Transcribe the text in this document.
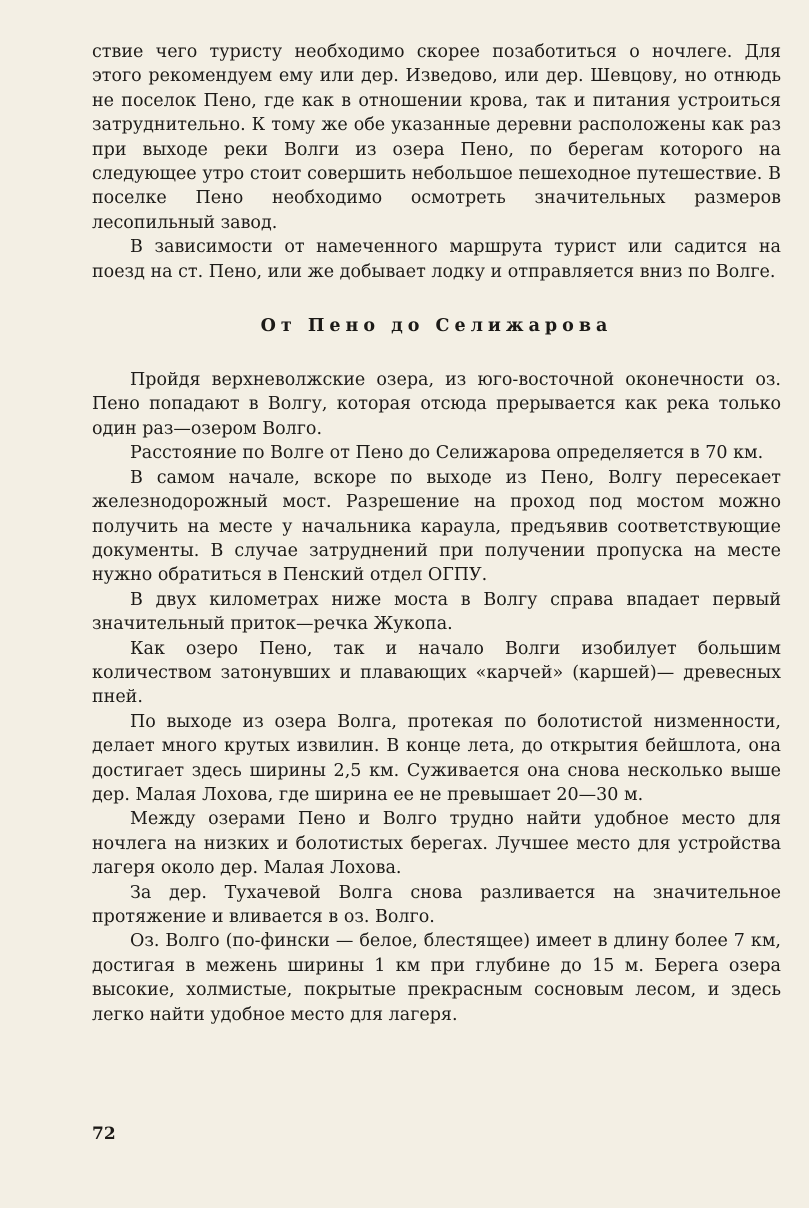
ствие чего туристу необходимо скорее позаботиться о ночлеге. Для этого рекомендуем ему или дер. Изведово, или дер. Шевцову, но отнюдь не поселок Пено, где как в отношении крова, так и питания устроиться затруднительно. К тому же обе указанные деревни расположены как раз при выходе реки Волги из озера Пено, по берегам которого на следующее утро стоит совершить небольшое пешеходное путешествие. В поселке Пено необходимо осмотреть значительных размеров лесопильный завод.

В зависимости от намеченного маршрута турист или садится на поезд на ст. Пено, или же добывает лодку и отправляется вниз по Волге.

От Пено до Селижарова

Пройдя верхневолжские озера, из юго-восточной оконечности оз. Пено попадают в Волгу, которая отсюда прерывается как река только один раз—озером Волго.

Расстояние по Волге от Пено до Селижарова определяется в 70 км.

В самом начале, вскоре по выходе из Пено, Волгу пересекает железнодорожный мост. Разрешение на проход под мостом можно получить на месте у начальника караула, предъявив соответствующие документы. В случае затруднений при получении пропуска на месте нужно обратиться в Пенский отдел ОГПУ.

В двух километрах ниже моста в Волгу справа впадает первый значительный приток—речка Жукопа.

Как озеро Пено, так и начало Волги изобилует большим количеством затонувших и плавающих «карчей» (каршей)— древесных пней.

По выходе из озера Волга, протекая по болотистой низменности, делает много крутых извилин. В конце лета, до открытия бейшлота, она достигает здесь ширины 2,5 км. Суживается она снова несколько выше дер. Малая Лохова, где ширина ее не превышает 20—30 м.

Между озерами Пено и Волго трудно найти удобное место для ночлега на низких и болотистых берегах. Лучшее место для устройства лагеря около дер. Малая Лохова.

За дер. Тухачевой Волга снова разливается на значительное протяжение и вливается в оз. Волго.

Оз. Волго (по-фински — белое, блестящее) имеет в длину более 7 км, достигая в межень ширины 1 км при глубине до 15 м. Берега озера высокие, холмистые, покрытые прекрасным сосновым лесом, и здесь легко найти удобное место для лагеря.

72
